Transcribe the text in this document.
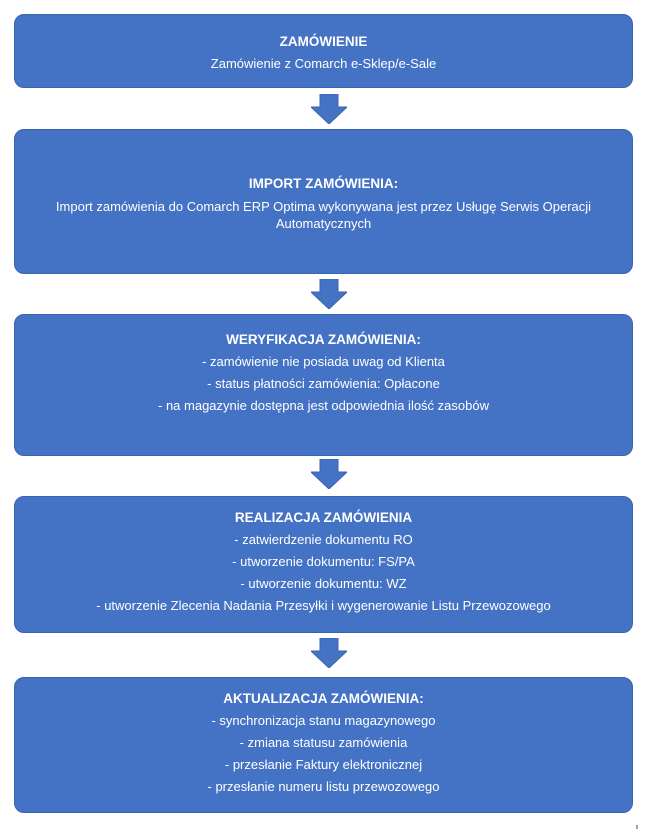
ZAMÓWIENIE

Zamówienie z Comarch e-Sklep/e-Sale

IMPORT ZAMÓWIENIA:

Import zamówienia do Comarch ERP Optima wykonywana jest przez Usługę Serwis Operacji Automatycznych

WERYFIKACJA ZAMÓWIENIA:

- zamówienie nie posiada uwag od Klienta

- status płatności zamówienia: Opłacone

- na magazynie dostępna jest odpowiednia ilość zasobów

REALIZACJA ZAMÓWIENIA

- zatwierdzenie dokumentu RO

- utworzenie dokumentu: FS/PA

- utworzenie dokumentu: WZ

- utworzenie Zlecenia Nadania Przesyłki i wygenerowanie Listu Przewozowego

AKTUALIZACJA ZAMÓWIENIA:

- synchronizacja stanu magazynowego

- zmiana statusu zamówienia

- przesłanie Faktury elektronicznej

- przesłanie numeru listu przewozowego
